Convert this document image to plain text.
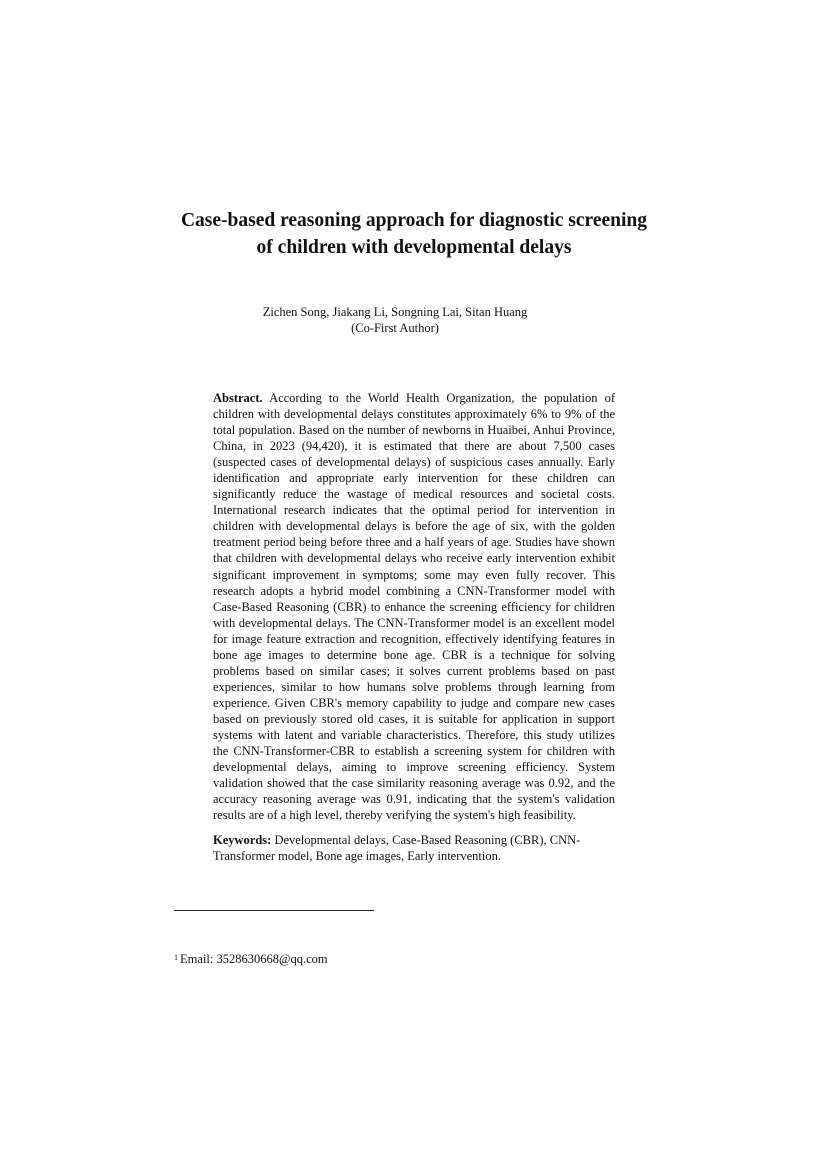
Case-based reasoning approach for diagnostic screening
of children with developmental delays
Zichen Song, Jiakang Li, Songning Lai, Sitan Huang
(Co-First Author)

Abstract. According to the World Health Organization, the population of children with developmental delays constitutes approximately 6% to 9% of the total population. Based on the number of newborns in Huaibei, Anhui Province, China, in 2023 (94,420), it is estimated that there are about 7,500 cases (suspected cases of developmental delays) of suspicious cases annually. Early identification and appropriate early intervention for these children can significantly reduce the wastage of medical resources and societal costs. International research indicates that the optimal period for intervention in children with developmental delays is before the age of six, with the golden treatment period being before three and a half years of age. Studies have shown that children with developmental delays who receive early intervention exhibit significant improvement in symptoms; some may even fully recover. This research adopts a hybrid model combining a CNN-Transformer model with Case-Based Reasoning (CBR) to enhance the screening efficiency for children with developmental delays. The CNN-Transformer model is an excellent model for image feature extraction and recognition, effectively identifying features in bone age images to determine bone age. CBR is a technique for solving problems based on similar cases; it solves current problems based on past experiences, similar to how humans solve problems through learning from experience. Given CBR's memory capability to judge and compare new cases based on previously stored old cases, it is suitable for application in support systems with latent and variable characteristics. Therefore, this study utilizes the CNN-Transformer-CBR to establish a screening system for children with developmental delays, aiming to improve screening efficiency. System validation showed that the case similarity reasoning average was 0.92, and the accuracy reasoning average was 0.91, indicating that the system's validation results are of a high level, thereby verifying the system's high feasibility.

Keywords: Developmental delays, Case-Based Reasoning (CBR), CNN-Transformer model, Bone age images, Early intervention.

$^1$ Email: 3528630668@qq.com
